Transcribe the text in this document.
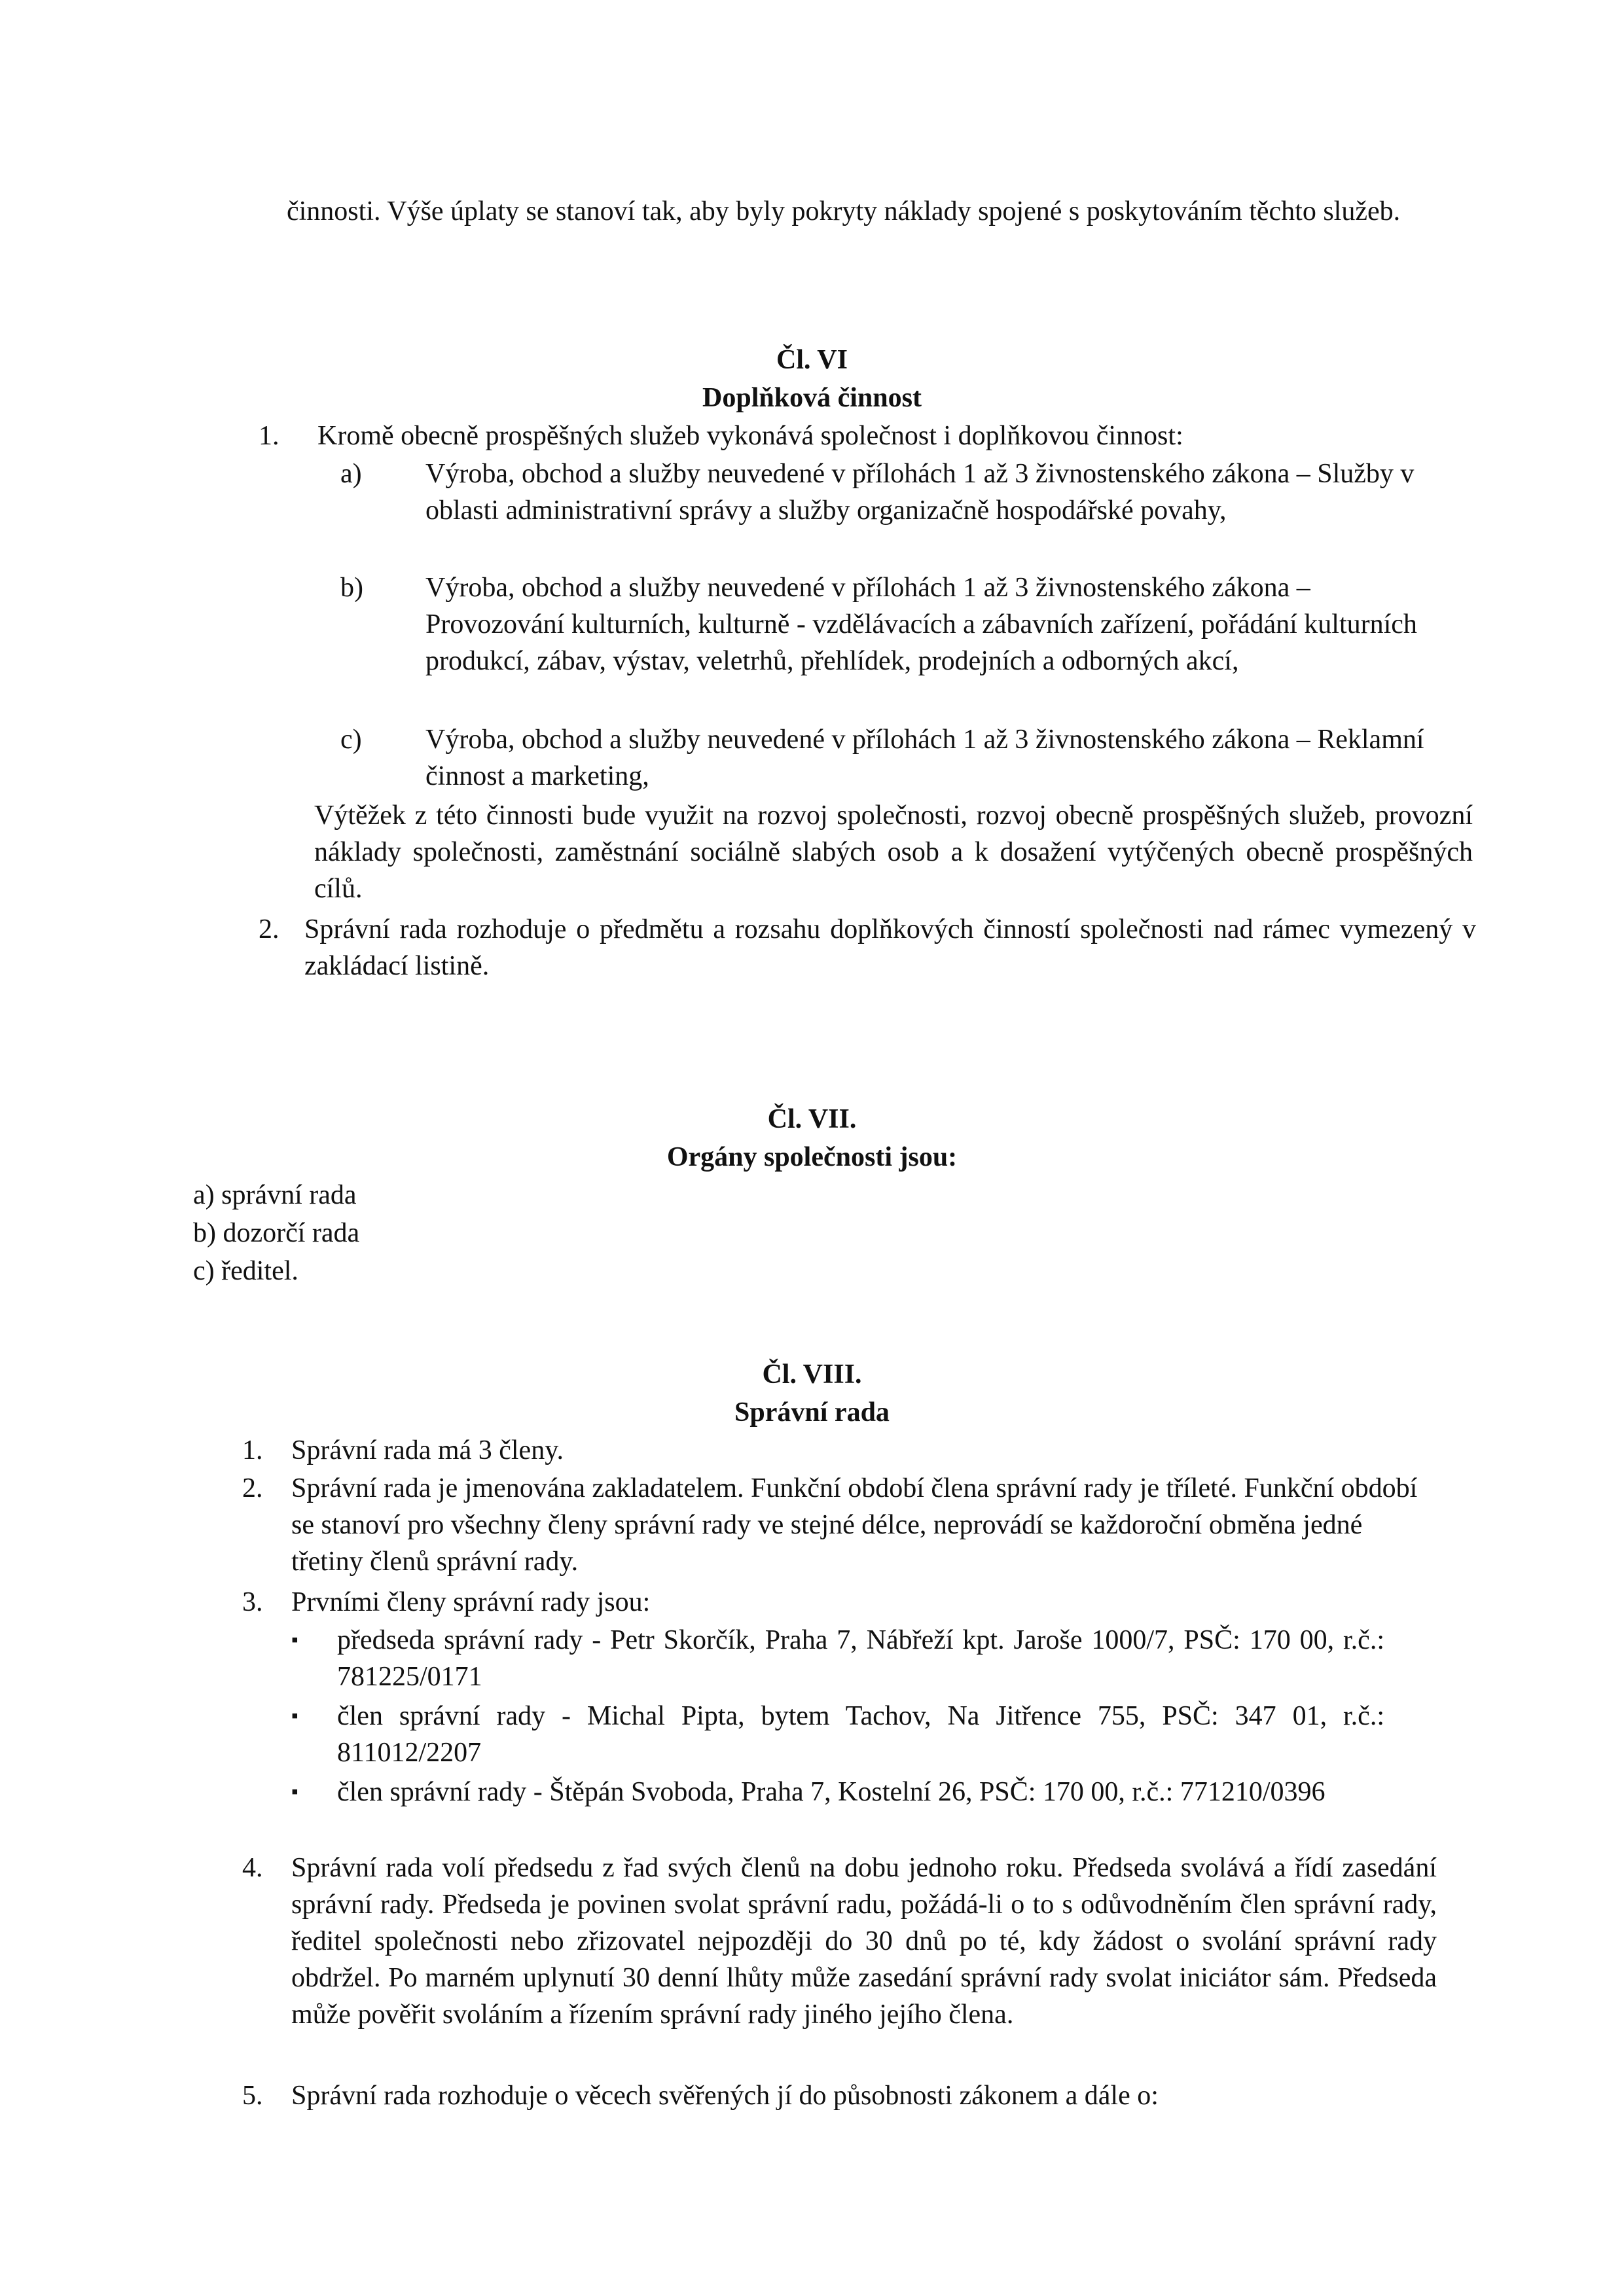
činnosti. Výše úplaty se stanoví tak, aby byly pokryty náklady spojené s poskytováním těchto služeb.

Čl. VI

Doplňková činnost

1. Kromě obecně prospěšných služeb vykonává společnost i doplňkovou činnost:
a) Výroba, obchod a služby neuvedené v přílohách 1 až 3 živnostenského zákona – Služby v oblasti administrativní správy a služby organizačně hospodářské povahy,
b) Výroba, obchod a služby neuvedené v přílohách 1 až 3 živnostenského zákona – Provozování kulturních, kulturně - vzdělávacích a zábavních zařízení, pořádání kulturních produkcí, zábav, výstav, veletrhů, přehlídek, prodejních a odborných akcí,
c) Výroba, obchod a služby neuvedené v přílohách 1 až 3 živnostenského zákona – Reklamní činnost a marketing,

Výtěžek z této činnosti bude využit na rozvoj společnosti, rozvoj obecně prospěšných služeb, provozní náklady společnosti, zaměstnání sociálně slabých osob a k dosažení vytýčených obecně prospěšných cílů.

2. Správní rada rozhoduje o předmětu a rozsahu doplňkových činností společnosti nad rámec vymezený v zakládací listině.

Čl. VII.

Orgány společnosti jsou:

a) správní rada
b) dozorčí rada
c) ředitel.

Čl. VIII.

Správní rada

1. Správní rada má 3 členy.
2. Správní rada je jmenována zakladatelem. Funkční období člena správní rady je tříleté. Funkční období se stanoví pro všechny členy správní rady ve stejné délce, neprovádí se každoroční obměna jedné třetiny členů správní rady.
3. Prvními členy správní rady jsou:
▪ předseda správní rady - Petr Skorčík, Praha 7, Nábřeží kpt. Jaroše 1000/7, PSČ: 170 00, r.č.: 781225/0171
▪ člen správní rady - Michal Pipta, bytem Tachov, Na Jitřence 755, PSČ: 347 01, r.č.: 811012/2207
▪ člen správní rady - Štěpán Svoboda, Praha 7, Kostelní 26, PSČ: 170 00, r.č.: 771210/0396
4. Správní rada volí předsedu z řad svých členů na dobu jednoho roku. Předseda svolává a řídí zasedání správní rady. Předseda je povinen svolat správní radu, požádá-li o to s odůvodněním člen správní rady, ředitel společnosti nebo zřizovatel nejpozději do 30 dnů po té, kdy žádost o svolání správní rady obdržel. Po marném uplynutí 30 denní lhůty může zasedání správní rady svolat iniciátor sám. Předseda může pověřit svoláním a řízením správní rady jiného jejího člena.
5. Správní rada rozhoduje o věcech svěřených jí do působnosti zákonem a dále o:
